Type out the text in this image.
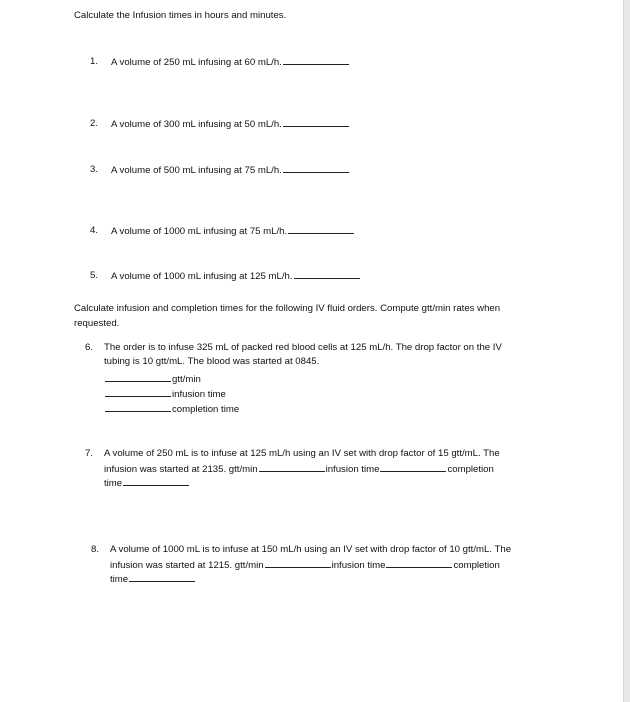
Calculate the Infusion times in hours and minutes.
1. A volume of 250 mL infusing at 60 mL/h.
2. A volume of 300 mL infusing at 50 mL/h.
3. A volume of 500 mL infusing at 75 mL/h.
4. A volume of 1000 mL infusing at 75 mL/h.
5. A volume of 1000 mL infusing at 125 mL/h.
Calculate infusion and completion times for the following IV fluid orders. Compute gtt/min rates when
requested.
6. The order is to infuse 325 mL of packed red blood cells at 125 mL/h. The drop factor on the IV
tubing is 10 gtt/mL. The blood was started at 0845.
gtt/min
infusion time
completion time
7. A volume of 250 mL is to infuse at 125 mL/h using an IV set with drop factor of 15 gtt/mL. The
infusion was started at 2135. gtt/min	infusion time	completion
time
8. A volume of 1000 mL is to infuse at 150 mL/h using an IV set with drop factor of 10 gtt/mL. The
infusion was started at 1215. gtt/min	infusion time	completion
time
